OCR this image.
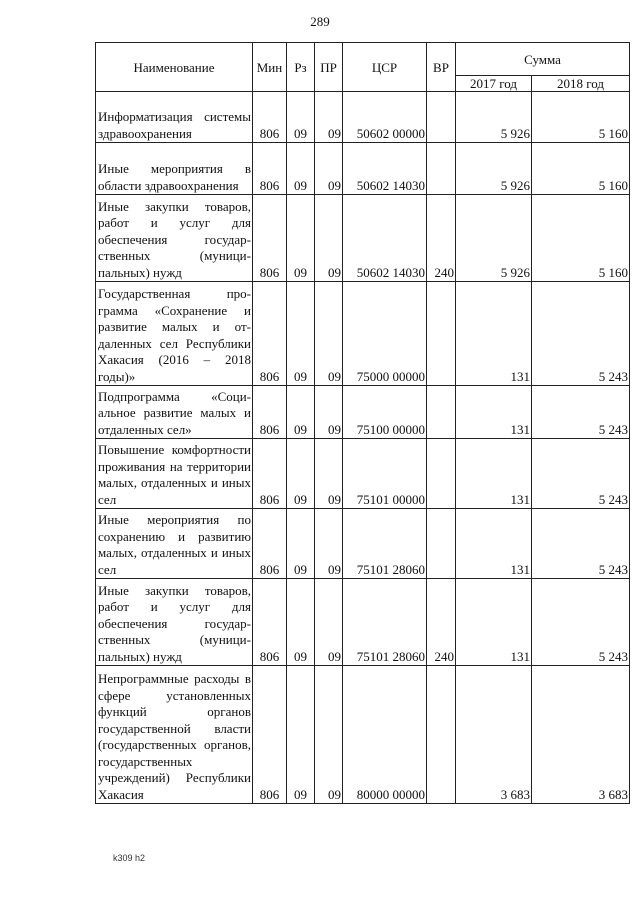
289
Наименование	Мин	Рз	ПР	ЦСР	ВР	Сумма	
						2017 год	2018 год
Информатизация системы здравоохранения	806	09	09	50602 00000		5 926	5 160
Иные мероприятия в области здравоохранения	806	09	09	50602 14030		5 926	5 160
Иные закупки товаров, работ и услуг для обеспечения государственных (муниципальных) нужд	806	09	09	50602 14030	240	5 926	5 160
Государственная программа «Сохранение и развитие малых и отдаленных сел Республики Хакасия (2016 – 2018 годы)»	806	09	09	75000 00000		131	5 243
Подпрограмма «Социальное развитие малых и отдаленных сел»	806	09	09	75100 00000		131	5 243
Повышение комфортности проживания на территории малых, отдаленных и иных сел	806	09	09	75101 00000		131	5 243
Иные мероприятия по сохранению и развитию малых, отдаленных и иных сел	806	09	09	75101 28060		131	5 243
Иные закупки товаров, работ и услуг для обеспечения государственных (муниципальных) нужд	806	09	09	75101 28060	240	131	5 243
Непрограммные расходы в сфере установленных функций органов государственной власти (государственных органов, государственных учреждений) Республики Хакасия	806	09	09	80000 00000		3 683	3 683
k309 h2
